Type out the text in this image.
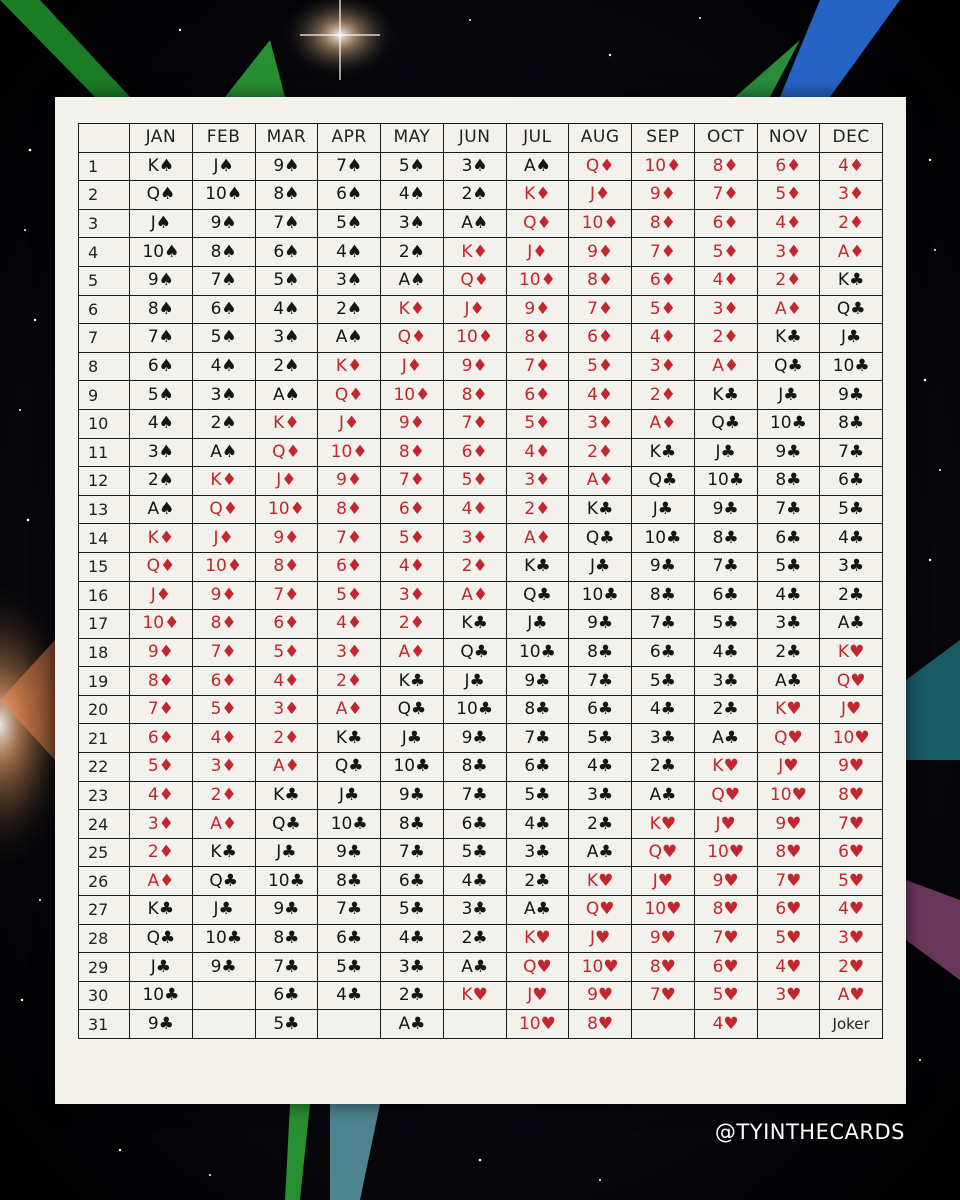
	JAN	FEB	MAR	APR	MAY	JUN	JUL	AUG	SEP	OCT	NOV	DEC
1	K♠	J♠	9♠	7♠	5♠	3♠	A♠	Q♦	10♦	8♦	6♦	4♦
2	Q♠	10♠	8♠	6♠	4♠	2♠	K♦	J♦	9♦	7♦	5♦	3♦
3	J♠	9♠	7♠	5♠	3♠	A♠	Q♦	10♦	8♦	6♦	4♦	2♦
4	10♠	8♠	6♠	4♠	2♠	K♦	J♦	9♦	7♦	5♦	3♦	A♦
5	9♠	7♠	5♠	3♠	A♠	Q♦	10♦	8♦	6♦	4♦	2♦	K♣
6	8♠	6♠	4♠	2♠	K♦	J♦	9♦	7♦	5♦	3♦	A♦	Q♣
7	7♠	5♠	3♠	A♠	Q♦	10♦	8♦	6♦	4♦	2♦	K♣	J♣
8	6♠	4♠	2♠	K♦	J♦	9♦	7♦	5♦	3♦	A♦	Q♣	10♣
9	5♠	3♠	A♠	Q♦	10♦	8♦	6♦	4♦	2♦	K♣	J♣	9♣
10	4♠	2♠	K♦	J♦	9♦	7♦	5♦	3♦	A♦	Q♣	10♣	8♣
11	3♠	A♠	Q♦	10♦	8♦	6♦	4♦	2♦	K♣	J♣	9♣	7♣
12	2♠	K♦	J♦	9♦	7♦	5♦	3♦	A♦	Q♣	10♣	8♣	6♣
13	A♠	Q♦	10♦	8♦	6♦	4♦	2♦	K♣	J♣	9♣	7♣	5♣
14	K♦	J♦	9♦	7♦	5♦	3♦	A♦	Q♣	10♣	8♣	6♣	4♣
15	Q♦	10♦	8♦	6♦	4♦	2♦	K♣	J♣	9♣	7♣	5♣	3♣
16	J♦	9♦	7♦	5♦	3♦	A♦	Q♣	10♣	8♣	6♣	4♣	2♣
17	10♦	8♦	6♦	4♦	2♦	K♣	J♣	9♣	7♣	5♣	3♣	A♣
18	9♦	7♦	5♦	3♦	A♦	Q♣	10♣	8♣	6♣	4♣	2♣	K♥
19	8♦	6♦	4♦	2♦	K♣	J♣	9♣	7♣	5♣	3♣	A♣	Q♥
20	7♦	5♦	3♦	A♦	Q♣	10♣	8♣	6♣	4♣	2♣	K♥	J♥
21	6♦	4♦	2♦	K♣	J♣	9♣	7♣	5♣	3♣	A♣	Q♥	10♥
22	5♦	3♦	A♦	Q♣	10♣	8♣	6♣	4♣	2♣	K♥	J♥	9♥
23	4♦	2♦	K♣	J♣	9♣	7♣	5♣	3♣	A♣	Q♥	10♥	8♥
24	3♦	A♦	Q♣	10♣	8♣	6♣	4♣	2♣	K♥	J♥	9♥	7♥
25	2♦	K♣	J♣	9♣	7♣	5♣	3♣	A♣	Q♥	10♥	8♥	6♥
26	A♦	Q♣	10♣	8♣	6♣	4♣	2♣	K♥	J♥	9♥	7♥	5♥
27	K♣	J♣	9♣	7♣	5♣	3♣	A♣	Q♥	10♥	8♥	6♥	4♥
28	Q♣	10♣	8♣	6♣	4♣	2♣	K♥	J♥	9♥	7♥	5♥	3♥
29	J♣	9♣	7♣	5♣	3♣	A♣	Q♥	10♥	8♥	6♥	4♥	2♥
30	10♣		6♣	4♣	2♣	K♥	J♥	9♥	7♥	5♥	3♥	A♥
31	9♣		5♣		A♣		10♥	8♥		4♥		Joker
@TYINTHECARDS
